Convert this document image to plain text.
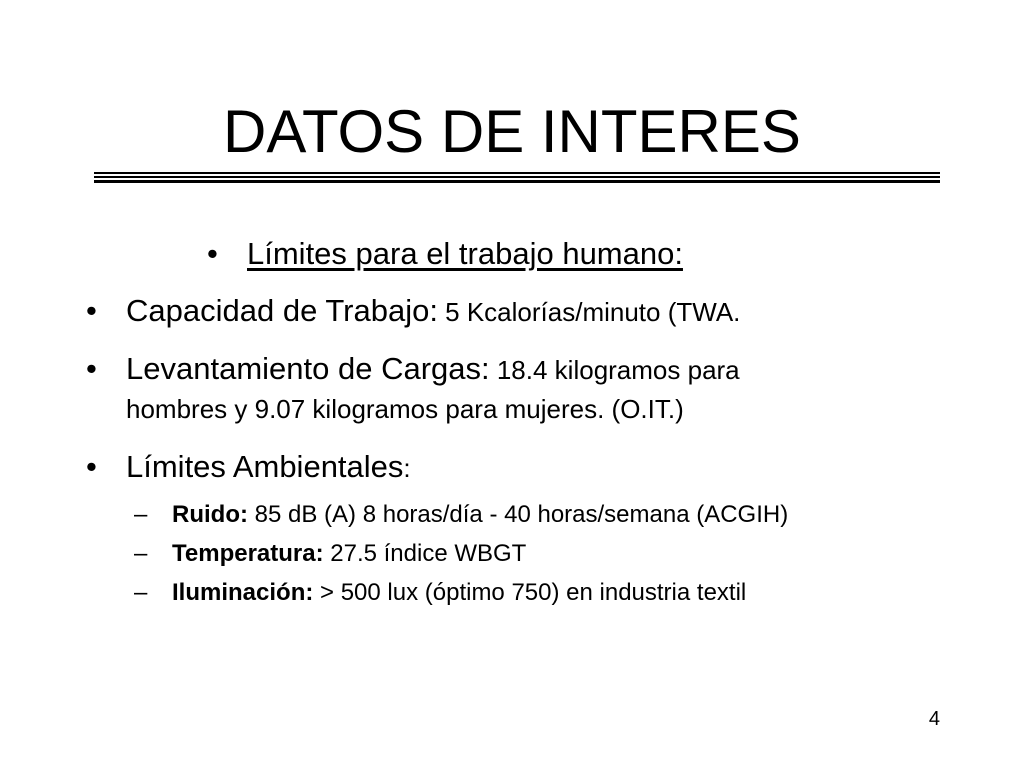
DATOS DE INTERES
• Límites para el trabajo humano:
• Capacidad de Trabajo: 5 Kcalorías/minuto (TWA.
• Levantamiento de Cargas: 18.4 kilogramos para
hombres y 9.07 kilogramos para mujeres. (O.IT.)
• Límites Ambientales:
– Ruido: 85 dB (A) 8 horas/día - 40 horas/semana (ACGIH)
– Temperatura: 27.5 índice WBGT
– Iluminación: > 500 lux (óptimo 750) en industria textil
4
